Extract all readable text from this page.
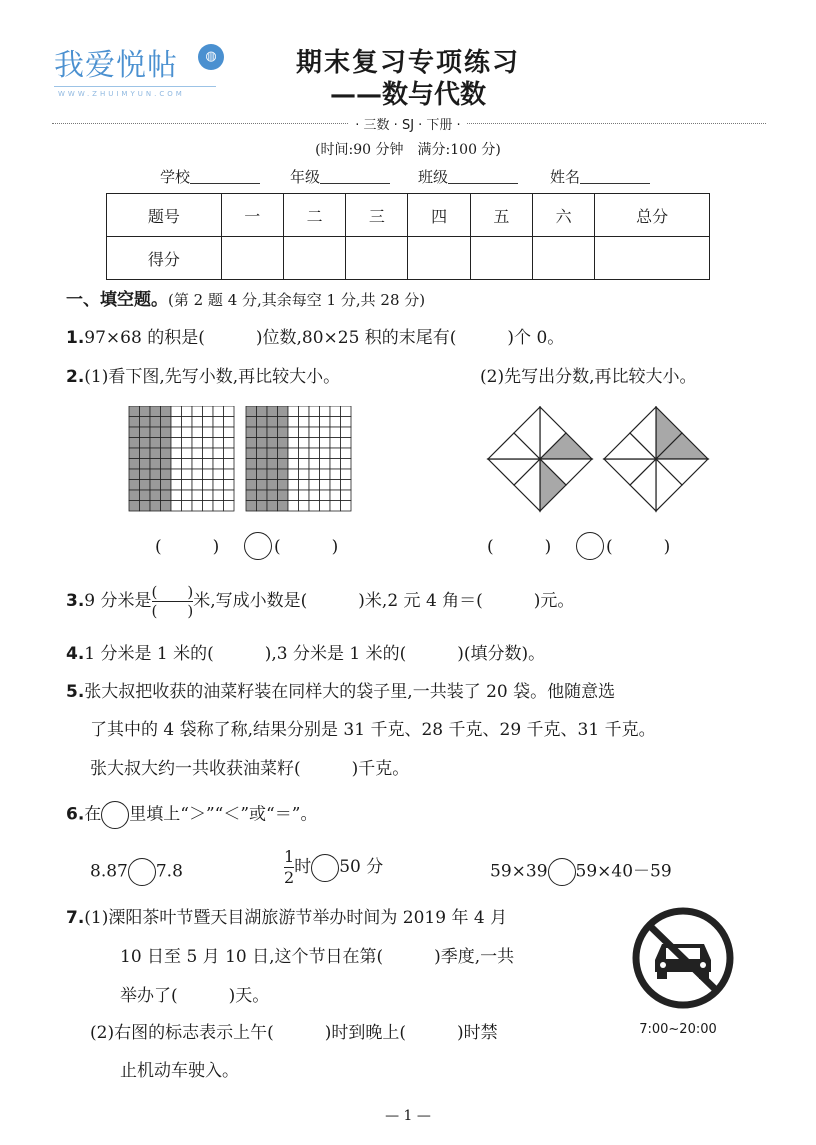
我爱悦帖	◍
WWW.ZHUIMYUN.COM
期末复习专项练习
——数与代数
· 三数 · SJ · 下册 ·
(时间:90 分钟　满分:100 分)
学校	年级	班级	姓名
题号	一	二	三	四	五	六	总分
得分							
一、填空题。(第 2 题 4 分,其余每空 1 分,共 28 分)
1.97×68 的积是(　　　)位数,80×25 积的末尾有(　　　)个 0。
2.(1)看下图,先写小数,再比较大小。	(2)先写出分数,再比较大小。
(　　　)	(　　　)	(　　　)	(　　　)
3.9 分米是$\frac{( )}{( )}$米,写成小数是(　　　)米,2 元 4 角＝(　　　)元。
4.1 分米是 1 米的(　　　),3 分米是 1 米的(　　　)(填分数)。
5.张大叔把收获的油菜籽装在同样大的袋子里,一共装了 20 袋。他随意选
了其中的 4 袋称了称,结果分别是 31 千克、28 千克、29 千克、31 千克。
张大叔大约一共收获油菜籽(　　　)千克。
6.在 里填上“＞”“＜”或“＝”。
8.87 7.8	$\frac{1}{2}$时 50 分	59×39 59×40－59
7.(1)溧阳茶叶节暨天目湖旅游节举办时间为 2019 年 4 月
10 日至 5 月 10 日,这个节日在第(　　　)季度,一共
举办了(　　　)天。
(2)右图的标志表示上午(　　　)时到晚上(　　　)时禁
止机动车驶入。
7:00~20:00
— 1 —
